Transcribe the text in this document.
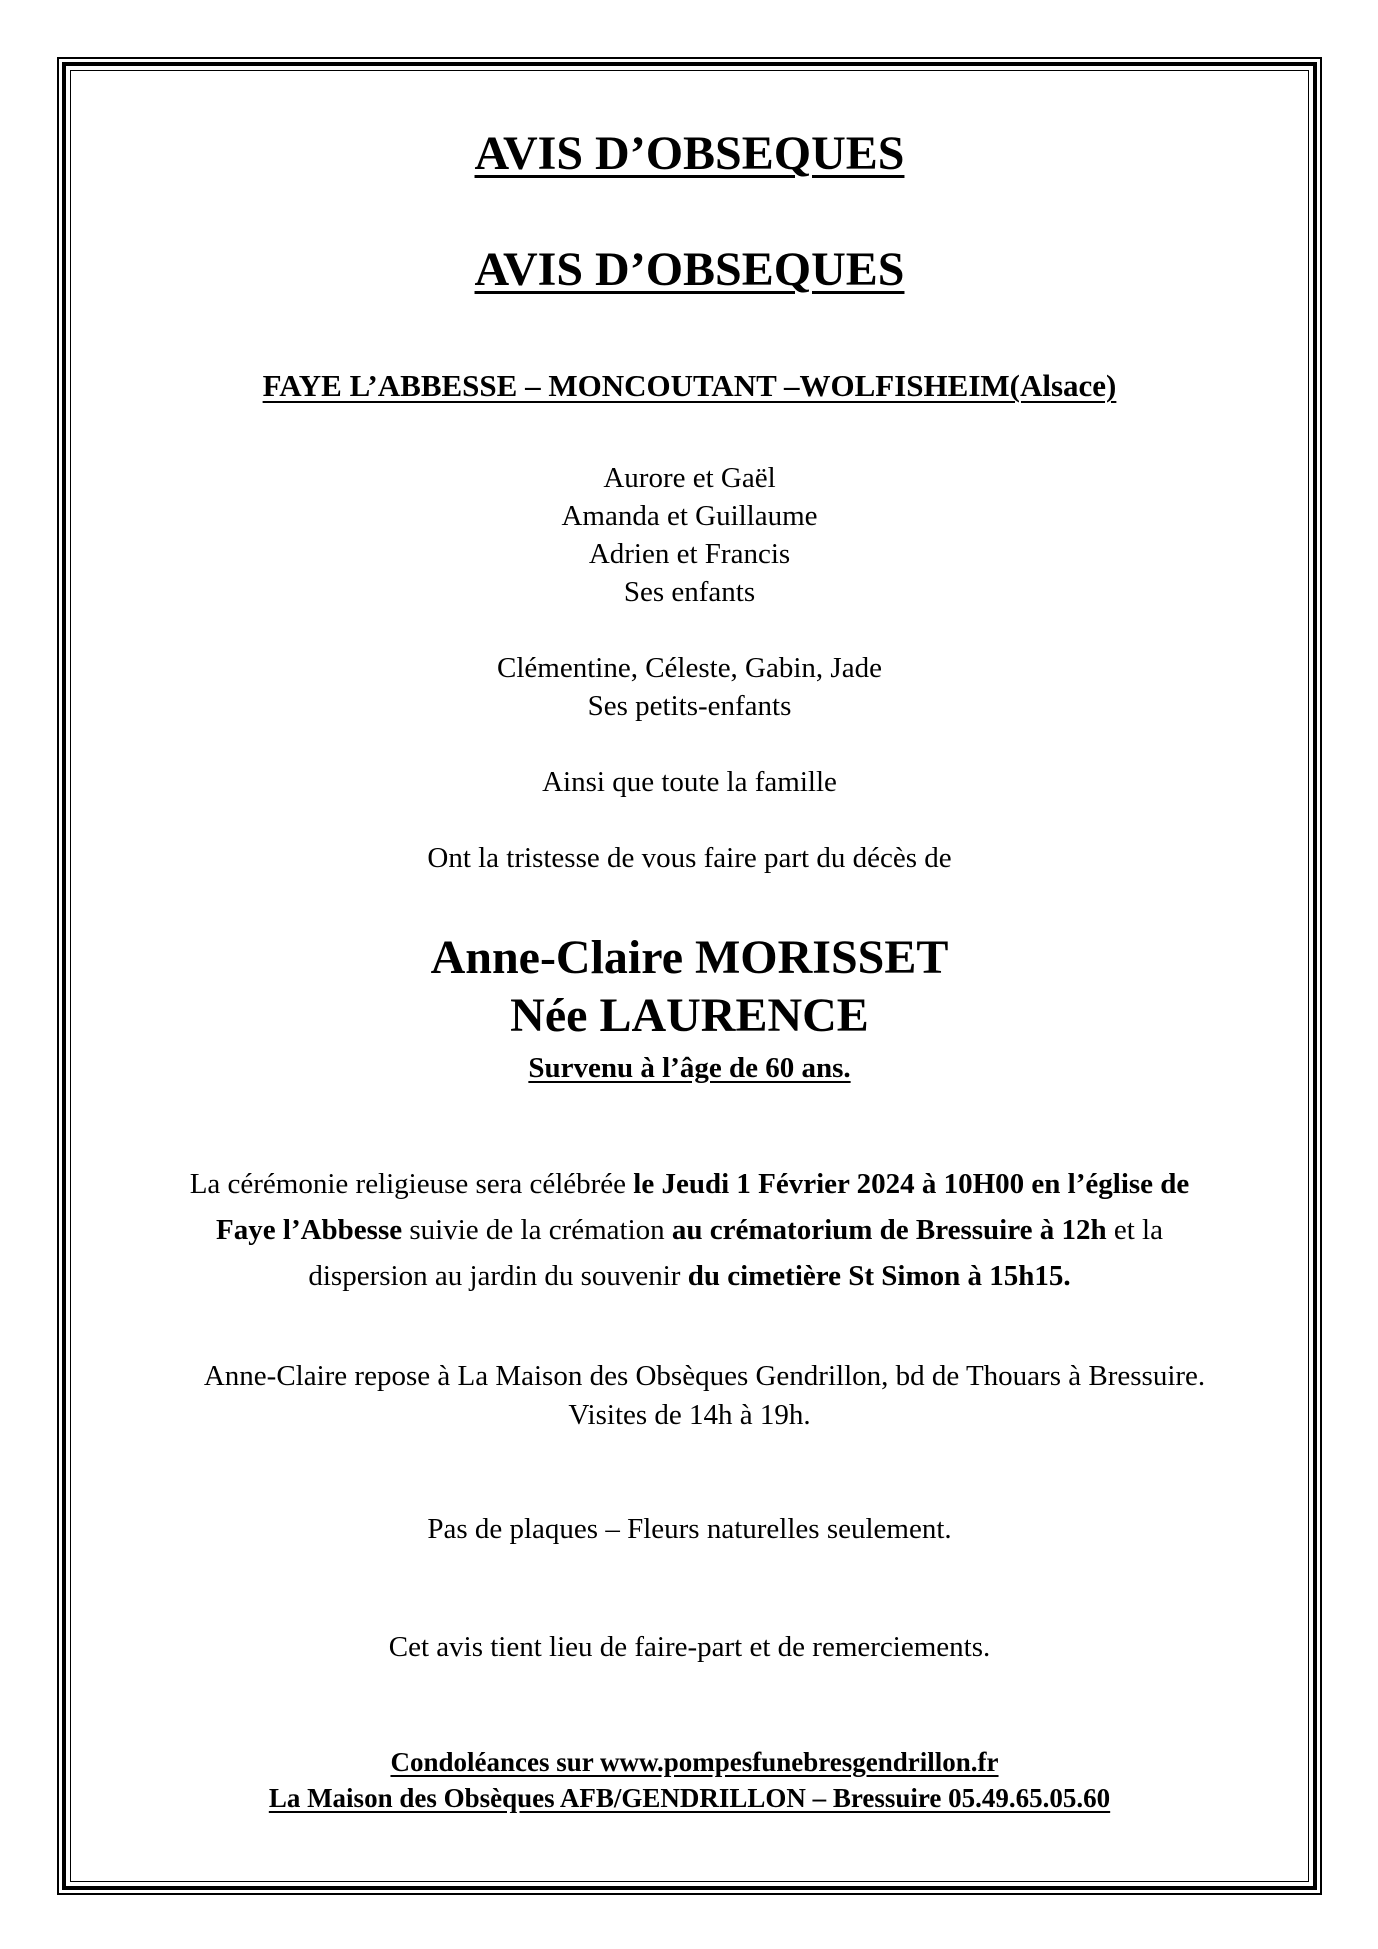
AVIS D’OBSEQUES
AVIS D’OBSEQUES
FAYE L’ABBESSE – MONCOUTANT –WOLFISHEIM(Alsace)
Aurore et Gaël
Amanda et Guillaume
Adrien et Francis
Ses enfants
Clémentine, Céleste, Gabin, Jade
Ses petits-enfants
Ainsi que toute la famille
Ont la tristesse de vous faire part du décès de
Anne-Claire MORISSET
Née LAURENCE
Survenu à l’âge de 60 ans.
La cérémonie religieuse sera célébrée le Jeudi 1 Février 2024 à 10H00 en l’église de
Faye l’Abbesse suivie de la crémation au crématorium de Bressuire à 12h et la
dispersion au jardin du souvenir du cimetière St Simon à 15h15.
Anne-Claire repose à La Maison des Obsèques Gendrillon, bd de Thouars à Bressuire.
Visites de 14h à 19h.
Pas de plaques – Fleurs naturelles seulement.
Cet avis tient lieu de faire-part et de remerciements.
Condoléances sur www.pompesfunebresgendrillon.fr
La Maison des Obsèques AFB/GENDRILLON – Bressuire 05.49.65.05.60
